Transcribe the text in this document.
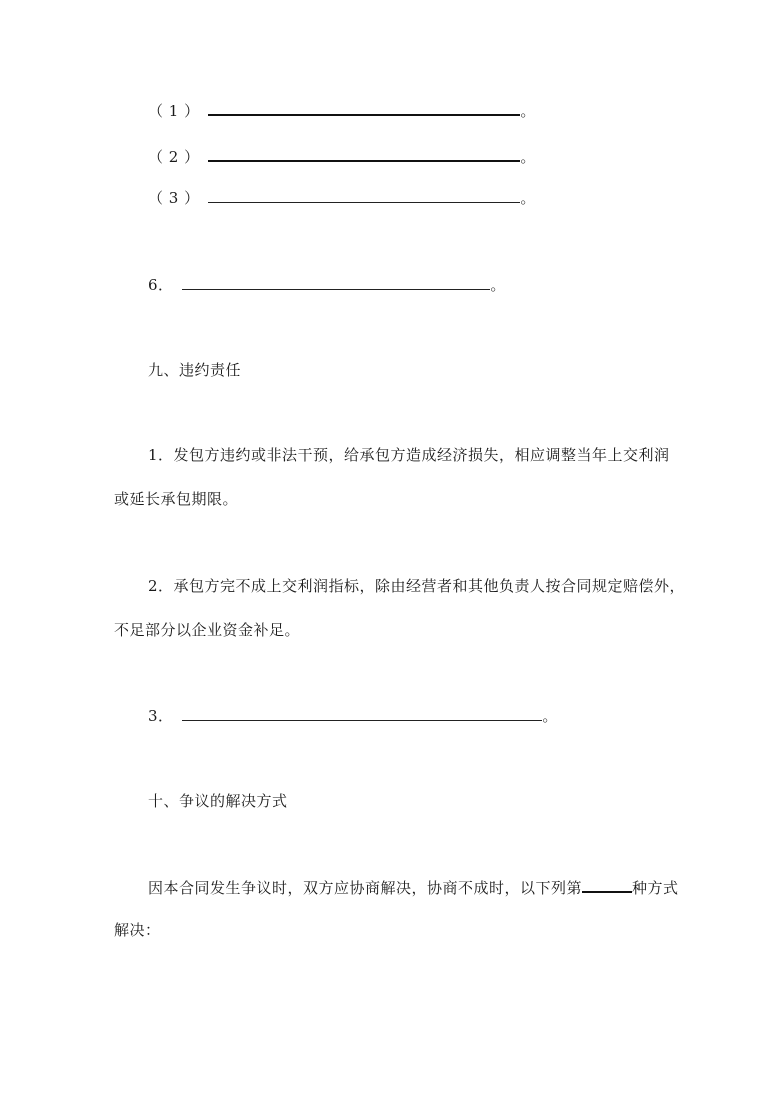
（ 1 ）	。
（ 2 ）	。
（ 3 ）	。
6．	。
九、违约责任
1．发包方违约或非法干预，给承包方造成经济损失，相应调整当年上交利润
或延长承包期限。
2．承包方完不成上交利润指标，除由经营者和其他负责人按合同规定赔偿外，
不足部分以企业资金补足。
3．	。
十、争议的解决方式
因本合同发生争议时，双方应协商解决，协商不成时，以下列第	种方式
解决：
